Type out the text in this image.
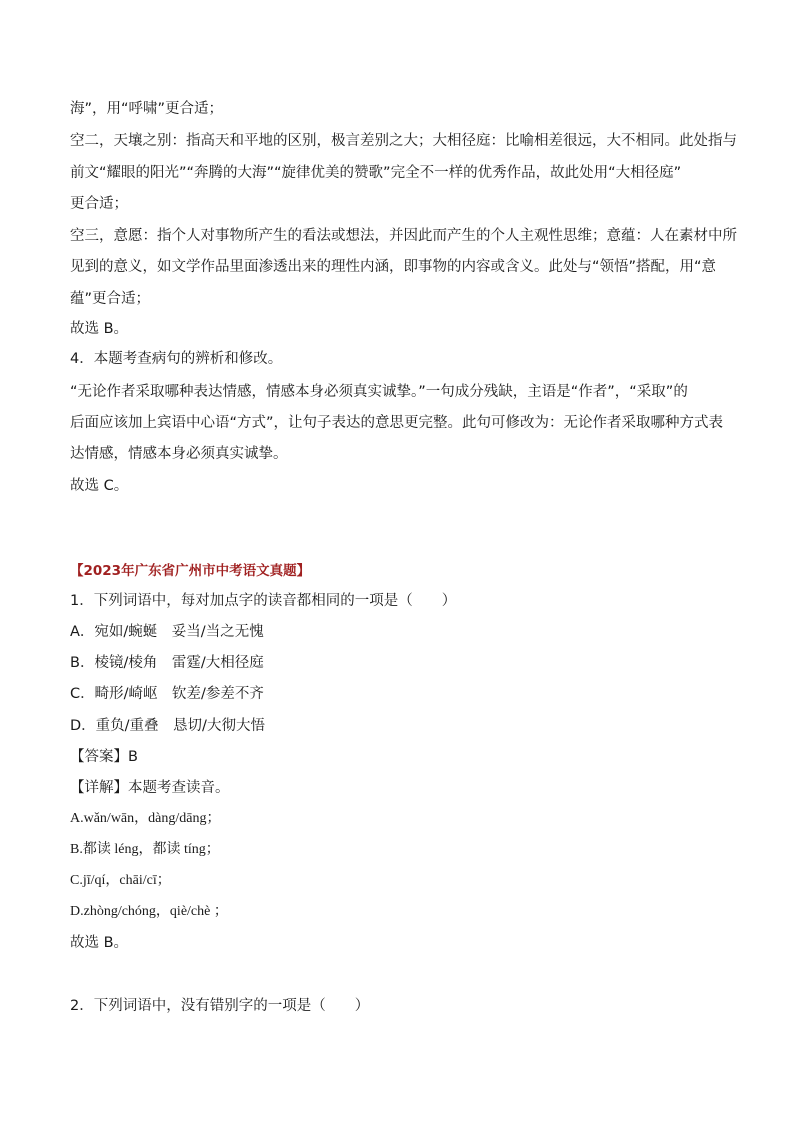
海”，用“呼啸”更合适；
空二，天壤之别：指高天和平地的区别，极言差别之大；大相径庭：比喻相差很远，大不相同。此处指与
前文“耀眼的阳光”“奔腾的大海”“旋律优美的赞歌”完全不一样的优秀作品，故此处用“大相径庭”
更合适；
空三，意愿：指个人对事物所产生的看法或想法，并因此而产生的个人主观性思维；意蕴：人在素材中所
见到的意义，如文学作品里面渗透出来的理性内涵，即事物的内容或含义。此处与“领悟”搭配，用“意
蕴”更合适；
故选 B。
4．本题考查病句的辨析和修改。
“无论作者采取哪种表达情感，情感本身必须真实诚挚。”一句成分残缺，主语是“作者”，“采取”的
后面应该加上宾语中心语“方式”，让句子表达的意思更完整。此句可修改为：无论作者采取哪种方式表
达情感，情感本身必须真实诚挚。
故选 C。
【2023年广东省广州市中考语文真题】
1．下列词语中，每对加点字的读音都相同的一项是（　　）
A．宛如/蜿蜒　妥当/当之无愧
B．棱镜/棱角　雷霆/大相径庭
C．畸形/崎岖　钦差/参差不齐
D．重负/重叠　恳切/大彻大悟
【答案】B
【详解】本题考查读音。
A.wǎn/wān，dàng/dāng；
B.都读 léng，都读 tíng；
C.jī/qí，chāi/cī；
D.zhòng/chóng，qiè/chè ；
故选 B。
2．下列词语中，没有错别字的一项是（　　）
